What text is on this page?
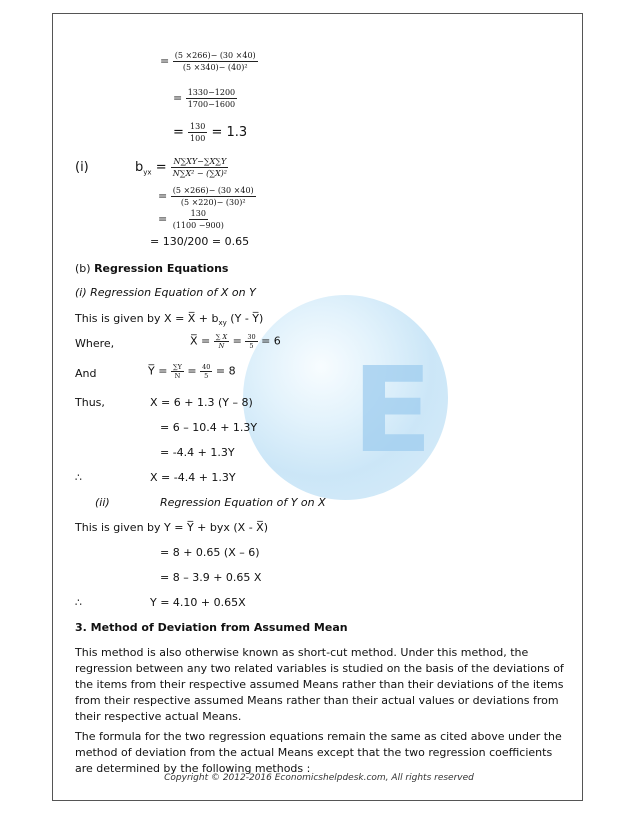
E
= $\frac{(5 \times 266)- (30 \times 40)}{\text{(5 ×340)− (40)²}}$
= $\frac{1330-1200}{1700-1600}$
= $\frac{130}{100} = 1.3$
(i)	$b_{yx} = \frac{N\sum XY-\sum X\sum Y}{\text{N∑X² − (∑X)²}}$
= $\frac{(5 \times 266)- (30 \times 40)}{\text{(5 ×220)− (30)²}}$
= $\frac{130}{(1100 -900)}$
= 130/200 = 0.65
(b) Regression Equations
(i) Regression Equation of X on Y
This is given by X = X̅ + $b_{xy}$ (Y - Y̅)
Where,	X̅ = $\frac{\sum X}{N} = \frac{30}{5} = 6$
And	Y̅ = $\frac{\sum Y}{N} = \frac{40}{5} = 8$
Thus,	X = 6 + 1.3 (Y – 8)
= 6 – 10.4 + 1.3Y
= -4.4 + 1.3Y
∴	X = -4.4 + 1.3Y
(ii)	Regression Equation of Y on X
This is given by Y = Y̅ + byx (X - X̅)
= 8 + 0.65 (X – 6)
= 8 – 3.9 + 0.65 X
∴	Y = 4.10 + 0.65X
3. Method of Deviation from Assumed Mean
This method is also otherwise known as short-cut method. Under this method, the regression between any two related variables is studied on the basis of the deviations of the items from their respective assumed Means rather than their deviations of the items from their respective assumed Means rather than their actual values or deviations from their respective actual Means.
The formula for the two regression equations remain the same as cited above under the method of deviation from the actual Means except that the two regression coefficients are determined by the following methods :
Copyright © 2012-2016 Economicshelpdesk.com, All rights reserved
